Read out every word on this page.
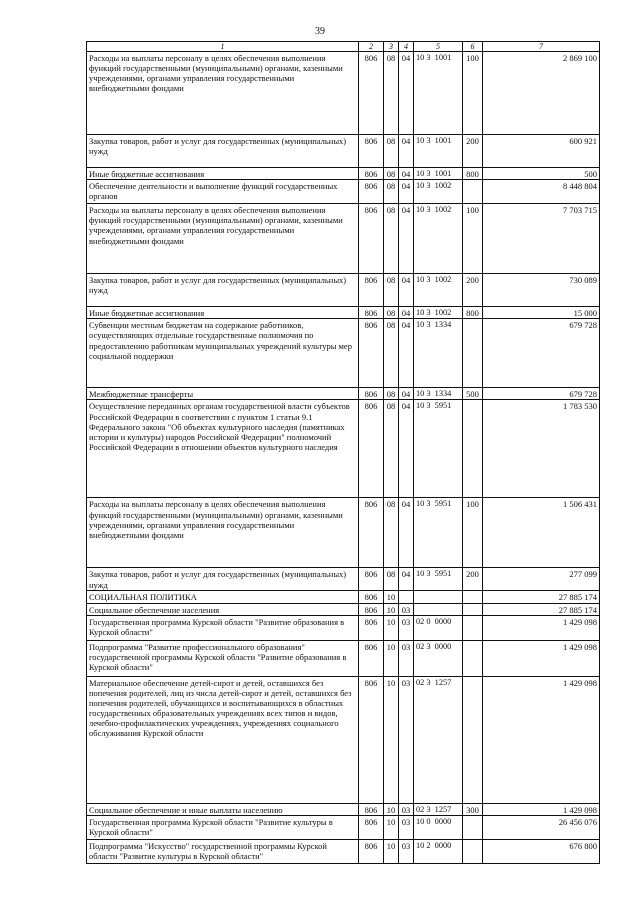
39
1	2	3	4	5	6	7
Расходы на выплаты персоналу в целях обеспечения выполнения функций государственными (муниципальными) органами, казенными учреждениями, органами управления государственными внебюджетными фондами	806	08	04	10 3  1001	100	2 869 100
Закупка товаров, работ и услуг для государственных (муниципальных) нужд	806	08	04	10 3  1001	200	600 921
Иные бюджетные ассигнования	806	08	04	10 3  1001	800	500
Обеспечение деятельности и выполнение функций государственных органов	806	08	04	10 3  1002		8 448 804
Расходы на выплаты персоналу в целях обеспечения выполнения функций государственными (муниципальными) органами, казенными учреждениями, органами управления государственными внебюджетными фондами	806	08	04	10 3  1002	100	7 703 715
Закупка товаров, работ и услуг для государственных (муниципальных) нужд	806	08	04	10 3  1002	200	730 089
Иные бюджетные ассигнования	806	08	04	10 3  1002	800	15 000
Субвенции местным бюджетам на содержание работников, осуществляющих отдельные государственные полномочия по предоставлению работникам муниципальных учреждений культуры мер социальной поддержки	806	08	04	10 3  1334		679 728
Межбюджетные трансферты	806	08	04	10 3  1334	500	679 728
Осуществление переданных органам государственной власти субъектов Российской Федерации в соответствии с пунктом 1 статьи 9.1 Федерального закона "Об объектах культурного наследия (памятниках истории и культуры) народов Российской Федерации" полномочий Российской Федерации в отношении объектов культурного наследия	806	08	04	10 3  5951		1 783 530
Расходы на выплаты персоналу в целях обеспечения выполнения функций государственными (муниципальными) органами, казенными учреждениями, органами управления государственными внебюджетными фондами	806	08	04	10 3  5951	100	1 506 431
Закупка товаров, работ и услуг для государственных (муниципальных) нужд	806	08	04	10 3  5951	200	277 099
СОЦИАЛЬНАЯ ПОЛИТИКА	806	10				27 885 174
Социальное обеспечение населения	806	10	03			27 885 174
Государственная программа Курской области "Развитие образования в Курской области"	806	10	03	02 0  0000		1 429 098
Подпрограмма "Развитие профессионального образования" государственной программы Курской области "Развитие образования в Курской области"	806	10	03	02 3  0000		1 429 098
Материальное обеспечение детей-сирот и детей, оставшихся без попечения родителей, лиц из числа детей-сирот и детей, оставшихся без попечения родителей, обучающихся и воспитывающихся в областных государственных образовательных учреждениях всех типов и видов, лечебно-профилактических учреждениях, учреждениях социального обслуживания Курской области	806	10	03	02 3  1257		1 429 098
Социальное обеспечение и иные выплаты населению	806	10	03	02 3  1257	300	1 429 098
Государственная программа Курской области "Развитие культуры в Курской области"	806	10	03	10 0  0000		26 456 076
Подпрограмма "Искусство" государственной программы Курской области "Развитие культуры в Курской области"	806	10	03	10 2  0000		676 800
